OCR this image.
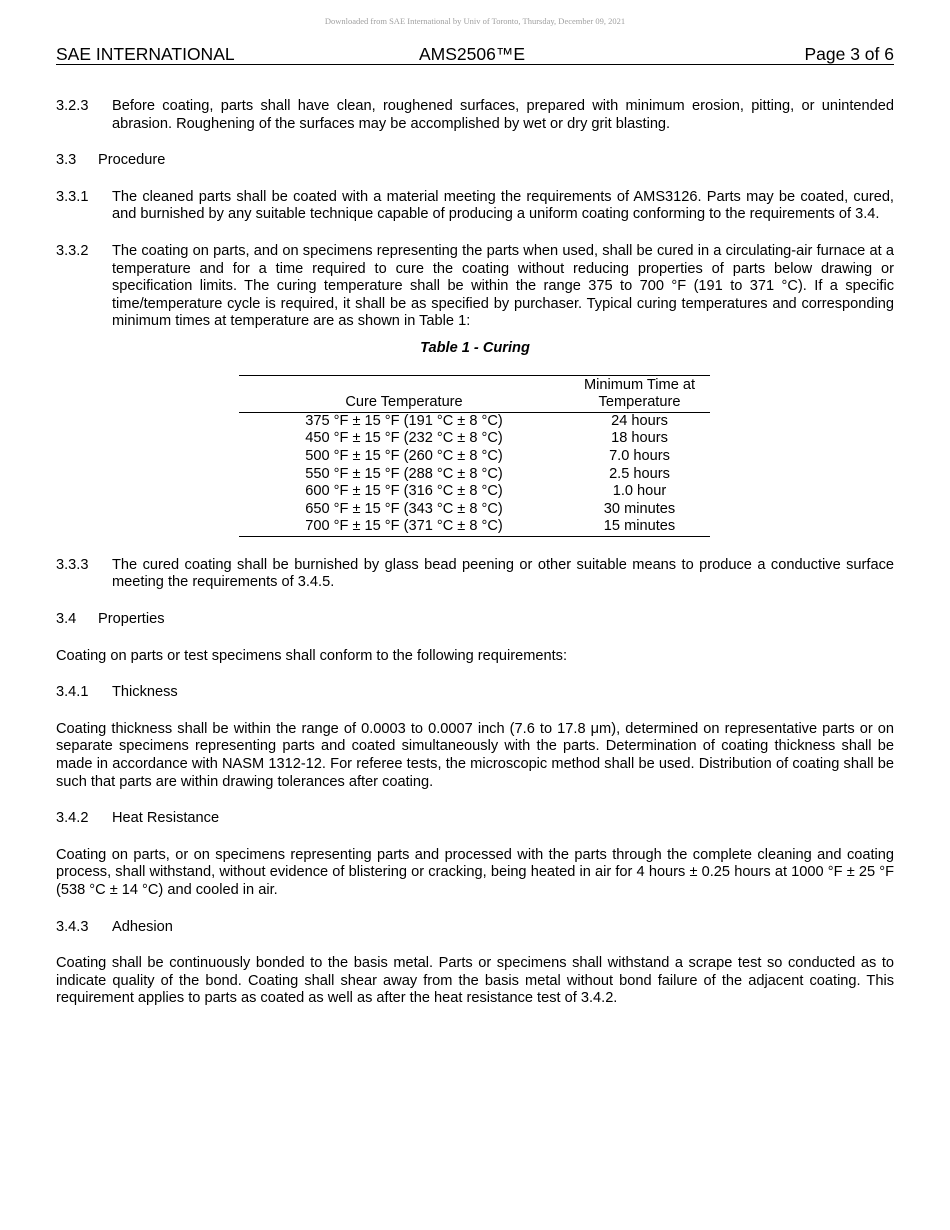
Downloaded from SAE International by Univ of Toronto, Thursday, December 09, 2021
SAE INTERNATIONAL	AMS2506™E	Page 3 of 6
3.2.3 Before coating, parts shall have clean, roughened surfaces, prepared with minimum erosion, pitting, or unintended abrasion. Roughening of the surfaces may be accomplished by wet or dry grit blasting.
3.3 Procedure
3.3.1 The cleaned parts shall be coated with a material meeting the requirements of AMS3126. Parts may be coated, cured, and burnished by any suitable technique capable of producing a uniform coating conforming to the requirements of 3.4.
3.3.2 The coating on parts, and on specimens representing the parts when used, shall be cured in a circulating-air furnace at a temperature and for a time required to cure the coating without reducing properties of parts below drawing or specification limits. The curing temperature shall be within the range 375 to 700 °F (191 to 371 °C). If a specific time/temperature cycle is required, it shall be as specified by purchaser. Typical curing temperatures and corresponding minimum times at temperature are as shown in Table 1:
Table 1 - Curing
Cure Temperature	Minimum Time at
Temperature
375 °F ± 15 °F (191 °C ± 8 °C)	24 hours
450 °F ± 15 °F (232 °C ± 8 °C)	18 hours
500 °F ± 15 °F (260 °C ± 8 °C)	7.0 hours
550 °F ± 15 °F (288 °C ± 8 °C)	2.5 hours
600 °F ± 15 °F (316 °C ± 8 °C)	1.0 hour
650 °F ± 15 °F (343 °C ± 8 °C)	30 minutes
700 °F ± 15 °F (371 °C ± 8 °C)	15 minutes
3.3.3 The cured coating shall be burnished by glass bead peening or other suitable means to produce a conductive surface meeting the requirements of 3.4.5.
3.4 Properties
Coating on parts or test specimens shall conform to the following requirements:
3.4.1 Thickness
Coating thickness shall be within the range of 0.0003 to 0.0007 inch (7.6 to 17.8 μm), determined on representative parts or on separate specimens representing parts and coated simultaneously with the parts. Determination of coating thickness shall be made in accordance with NASM 1312-12. For referee tests, the microscopic method shall be used. Distribution of coating shall be such that parts are within drawing tolerances after coating.
3.4.2 Heat Resistance
Coating on parts, or on specimens representing parts and processed with the parts through the complete cleaning and coating process, shall withstand, without evidence of blistering or cracking, being heated in air for 4 hours ± 0.25 hours at 1000 °F ± 25 °F (538 °C ± 14 °C) and cooled in air.
3.4.3 Adhesion
Coating shall be continuously bonded to the basis metal. Parts or specimens shall withstand a scrape test so conducted as to indicate quality of the bond. Coating shall shear away from the basis metal without bond failure of the adjacent coating. This requirement applies to parts as coated as well as after the heat resistance test of 3.4.2.
